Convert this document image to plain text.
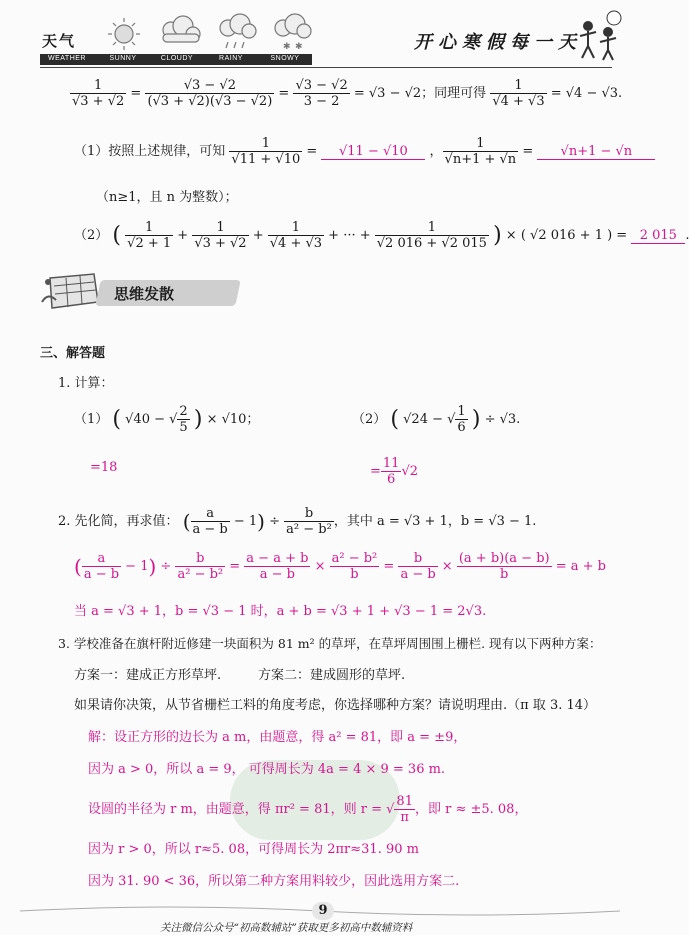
天气	✱ ✱
WEATHER	SUNNY	CLOUDY	RAINY	SNOWY
开心寒假每一天
$\frac{1}{√3 + √2} = \frac{√3 - √2}{(√3 + √2)(√3 - √2)} = \frac{√3 - √2}{3 - 2} = √3 - √2$；同理可得 $\frac{1}{√4 + √3} = √4 - √3$.
（1）按照上述规律，可知 $\frac{1}{√11 + √10} = √11 - √10$ ， $\frac{1}{√n+1 + √n} = √n+1 - √n$
（n≥1，且 n 为整数）；
（2） ( $\frac{1}{√2 + 1} + \frac{1}{√3 + √2} + \frac{1}{√4 + √3}$ + ··· + $\frac{1}{√2 016 + √2 015}$ ) × ( √2 016 + 1 ) = 2 015
思维发散
三、解答题
1. 计算：
（1） ( √40 − √ $\frac{2}{5}$ ) × √10；	（2） ( √24 − √ $\frac{1}{6}$ ) ÷ √3.
=18	= $\frac{11}{6} √2$
2. 先化简，再求值： ( $\frac{a}{a - b} - 1) \div \frac{b}{\text{a² − b²}}$ ，其中 a = √3 + 1，b = √3 − 1.
( $\frac{a}{a - b} - 1) \div \frac{b}{\text{a² − b²}} = \frac{a - a + b}{a - b} \times \frac{\text{a² − b²}}{b} = \frac{b}{a - b} \times \frac{(a + b)(a - b)}{b} = a + b$
当 a = √3 + 1，b = √3 − 1 时，a + b = √3 + 1 + √3 − 1 = 2√3.
3. 学校准备在旗杆附近修建一块面积为 81 m² 的草坪，在草坪周围围上栅栏. 现有以下两种方案：
方案一：建成正方形草坪.	方案二：建成圆形的草坪.
如果请你决策，从节省栅栏工料的角度考虑，你选择哪种方案？请说明理由.（π 取 3. 14）
解：设正方形的边长为 a m，由题意，得 a² = 81，即 a = ±9，
因为 a > 0，所以 a = 9， 可得周长为 4a = 4 × 9 = 36 m.
设圆的半径为 r m，由题意，得 πr² = 81，则 r = √ $\frac{81}{\pi}$ ，即 r ≈ ±5. 08，
因为 r > 0，所以 r≈5. 08，可得周长为 2πr≈31. 90 m
因为 31. 90 < 36，所以第二种方案用料较少，因此选用方案二.
9
关注微信公众号“初高数辅站”获取更多初高中数辅资料
